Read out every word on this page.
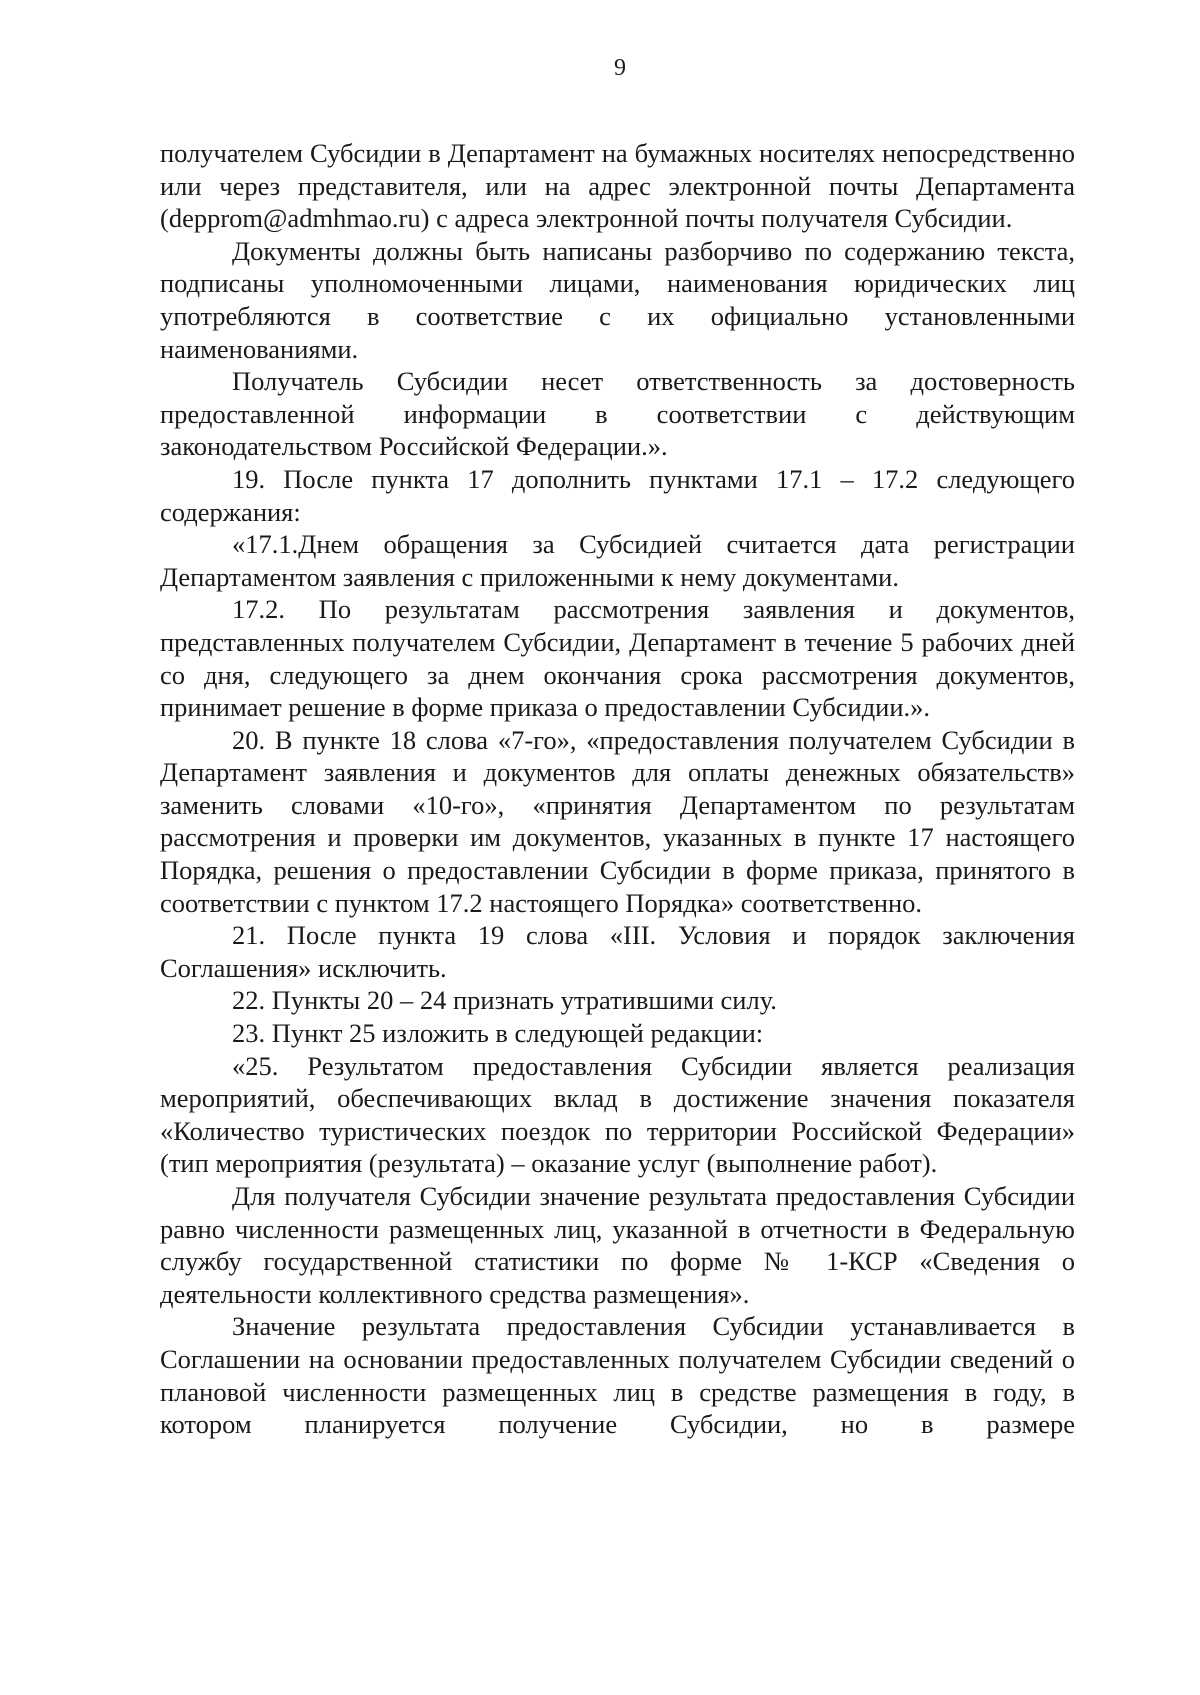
9

получателем Субсидии в Департамент на бумажных носителях непосредственно или через представителя, или на адрес электронной почты Департамента (depprom@admhmao.ru) с адреса электронной почты получателя Субсидии.

Документы должны быть написаны разборчиво по содержанию текста, подписаны уполномоченными лицами, наименования юридических лиц употребляются в соответствие с их официально установленными наименованиями.

Получатель Субсидии несет ответственность за достоверность предоставленной информации в соответствии с действующим законодательством Российской Федерации.».

19. После пункта 17 дополнить пунктами 17.1 – 17.2 следующего содержания:

«17.1.Днем обращения за Субсидией считается дата регистрации Департаментом заявления с приложенными к нему документами.

17.2. По результатам рассмотрения заявления и документов, представленных получателем Субсидии, Департамент в течение 5 рабочих дней со дня, следующего за днем окончания срока рассмотрения документов, принимает решение в форме приказа о предоставлении Субсидии.».

20. В пункте 18 слова «7-го», «предоставления получателем Субсидии в Департамент заявления и документов для оплаты денежных обязательств» заменить словами «10-го», «принятия Департаментом по результатам рассмотрения и проверки им документов, указанных в пункте 17 настоящего Порядка, решения о предоставлении Субсидии в форме приказа, принятого в соответствии с пунктом 17.2 настоящего Порядка» соответственно.

21. После пункта 19 слова «III. Условия и порядок заключения Соглашения» исключить.

22. Пункты 20 – 24 признать утратившими силу.

23. Пункт 25 изложить в следующей редакции:

«25. Результатом предоставления Субсидии является реализация мероприятий, обеспечивающих вклад в достижение значения показателя «Количество туристических поездок по территории Российской Федерации» (тип мероприятия (результата) – оказание услуг (выполнение работ).

Для получателя Субсидии значение результата предоставления Субсидии равно численности размещенных лиц, указанной в отчетности в Федеральную службу государственной статистики по форме № 1-КСР «Сведения о деятельности коллективного средства размещения».

Значение результата предоставления Субсидии устанавливается в Соглашении на основании предоставленных получателем Субсидии сведений о плановой численности размещенных лиц в средстве размещения в году, в котором планируется получение Субсидии, но в размере
